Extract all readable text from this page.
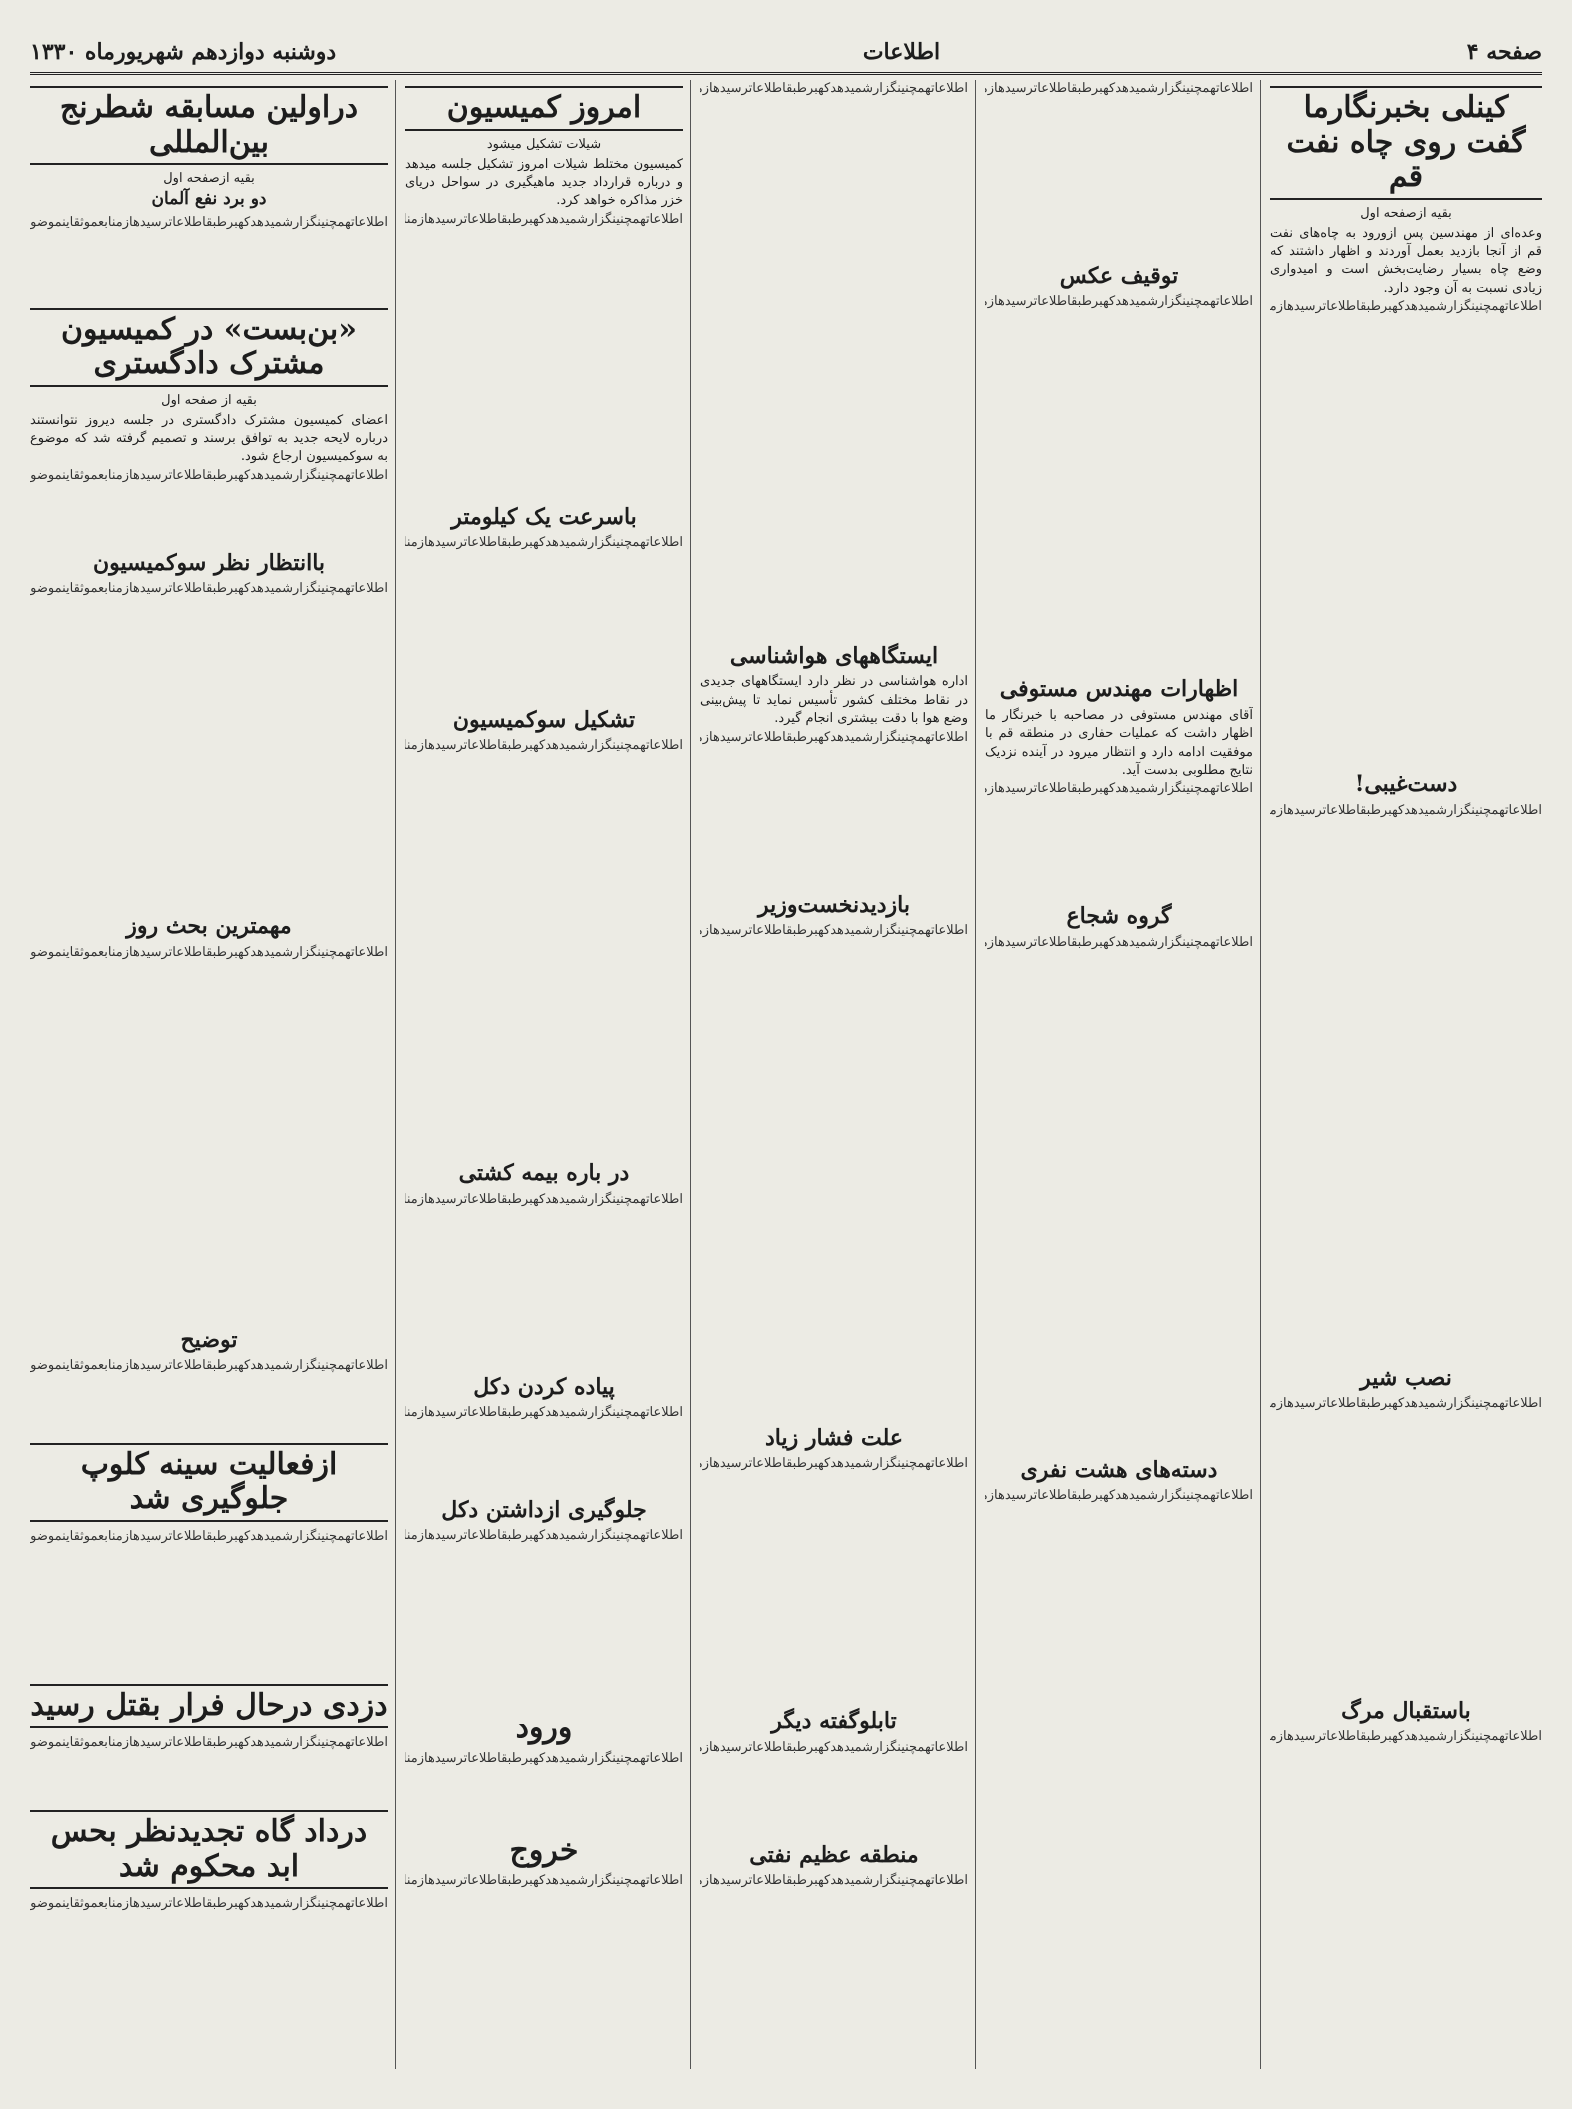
صفحه ۴
اطلاعات
دوشنبه دوازدهم شهریورماه ۱۳۳۰
کینلی بخبرنگارما گفت روی چاه نفت قم
بقیه ازصفحه اول
وعده‌ای از مهندسین پس ازورود به چاه‌های نفت قم از آنجا بازدید بعمل آوردند و اظهار داشتند که وضع چاه بسیار رضایت‌بخش است و امیدواری زیادی نسبت به آن وجود دارد.
اطلاعاتهمچنینگزارشمیدهدکهبرطبقاطلاعاترسیدهازمنابعموثقاینموضوعموردبررسیقرارگرفتونتایجآنبعدااعلامخواهدشداطلاعاتهمچنینگزارشمیدهدکهبرطبقاطلاعاترسیدهازمنابعموثقاینموضوعموردبررسیقرارگرفتونتایجآنبعدااعلامخواهدشداطلاعاتهمچنینگزارشمیدهدکهبرطبقاطلاعاترسیدهازمنابعموثقاینموضوعموردبررسیقرارگرفتونتایجآنبعدااعلامخواهدشداطلاعاتهمچنینگزارشمیدهدکهبرطبقاطلاعاترسیدهازمنابعموثقاینموضوعموردبررسیقرارگرفتونتایجآنبعدااعلامخواهدشد
دست‌غیبی!
اطلاعاتهمچنینگزارشمیدهدکهبرطبقاطلاعاترسیدهازمنابعموثقاینموضوعموردبررسیقرارگرفتونتایجآنبعدااعلامخواهدشداطلاعاتهمچنینگزارشمیدهدکهبرطبقاطلاعاترسیدهازمنابعموثقاینموضوعموردبررسیقرارگرفتونتایجآنبعدااعلامخواهدشداطلاعاتهمچنینگزارشمیدهدکهبرطبقاطلاعاترسیدهازمنابعموثقاینموضوعموردبررسیقرارگرفتونتایجآنبعدااعلامخواهدشداطلاعاتهمچنینگزارشمیدهدکهبرطبقاطلاعاترسیدهازمنابعموثقاینموضوعموردبررسیقرارگرفتونتایجآنبعدااعلامخواهدشد
نصب شیر
اطلاعاتهمچنینگزارشمیدهدکهبرطبقاطلاعاترسیدهازمنابعموثقاینموضوعموردبررسیقرارگرفتونتایجآنبعدااعلامخواهدشداطلاعاتهمچنینگزارشمیدهدکهبرطبقاطلاعاترسیدهازمنابعموثقاینموضوعموردبررسیقرارگرفتونتایجآنبعدااعلامخواهدشداطلاعاتهمچنینگزارشمیدهدکهبرطبقاطلاعاترسیدهازمنابعموثقاینموضوعموردبررسیقرارگرفتونتایجآنبعدااعلامخواهدشداطلاعاتهمچنینگزارشمیدهدکهبرطبقاطلاعاترسیدهازمنابعموثقاینموضوعموردبررسیقرارگرفتونتایجآنبعدااعلامخواهدشد
باستقبال مرگ
اطلاعاتهمچنینگزارشمیدهدکهبرطبقاطلاعاترسیدهازمنابعموثقاینموضوعموردبررسیقرارگرفتونتایجآنبعدااعلامخواهدشداطلاعاتهمچنینگزارشمیدهدکهبرطبقاطلاعاترسیدهازمنابعموثقاینموضوعموردبررسیقرارگرفتونتایجآنبعدااعلامخواهدشداطلاعاتهمچنینگزارشمیدهدکهبرطبقاطلاعاترسیدهازمنابعموثقاینموضوعموردبررسیقرارگرفتونتایجآنبعدااعلامخواهدشداطلاعاتهمچنینگزارشمیدهدکهبرطبقاطلاعاترسیدهازمنابعموثقاینموضوعموردبررسیقرارگرفتونتایجآنبعدااعلامخواهدشد
اطلاعاتهمچنینگزارشمیدهدکهبرطبقاطلاعاترسیدهازمنابعموثقاینموضوعموردبررسیقرارگرفتونتایجآنبعدااعلامخواهدشداطلاعاتهمچنینگزارشمیدهدکهبرطبقاطلاعاترسیدهازمنابعموثقاینموضوعموردبررسیقرارگرفتونتایجآنبعدااعلامخواهدشداطلاعاتهمچنینگزارشمیدهدکهبرطبقاطلاعاترسیدهازمنابعموثقاینموضوعموردبررسیقرارگرفتونتایجآنبعدااعلامخواهدشداطلاعاتهمچنینگزارشمیدهدکهبرطبقاطلاعاترسیدهازمنابعموثقاینموضوعموردبررسیقرارگرفتونتایجآنبعدااعلامخواهدشد
توقیف عکس
اطلاعاتهمچنینگزارشمیدهدکهبرطبقاطلاعاترسیدهازمنابعموثقاینموضوعموردبررسیقرارگرفتونتایجآنبعدااعلامخواهدشداطلاعاتهمچنینگزارشمیدهدکهبرطبقاطلاعاترسیدهازمنابعموثقاینموضوعموردبررسیقرارگرفتونتایجآنبعدااعلامخواهدشداطلاعاتهمچنینگزارشمیدهدکهبرطبقاطلاعاترسیدهازمنابعموثقاینموضوعموردبررسیقرارگرفتونتایجآنبعدااعلامخواهدشداطلاعاتهمچنینگزارشمیدهدکهبرطبقاطلاعاترسیدهازمنابعموثقاینموضوعموردبررسیقرارگرفتونتایجآنبعدااعلامخواهدشد
اظهارات مهندس مستوفی
آقای مهندس مستوفی در مصاحبه با خبرنگار ما اظهار داشت که عملیات حفاری در منطقه قم با موفقیت ادامه دارد و انتظار میرود در آینده نزدیک نتایج مطلوبی بدست آید.
اطلاعاتهمچنینگزارشمیدهدکهبرطبقاطلاعاترسیدهازمنابعموثقاینموضوعموردبررسیقرارگرفتونتایجآنبعدااعلامخواهدشداطلاعاتهمچنینگزارشمیدهدکهبرطبقاطلاعاترسیدهازمنابعموثقاینموضوعموردبررسیقرارگرفتونتایجآنبعدااعلامخواهدشداطلاعاتهمچنینگزارشمیدهدکهبرطبقاطلاعاترسیدهازمنابعموثقاینموضوعموردبررسیقرارگرفتونتایجآنبعدااعلامخواهدشداطلاعاتهمچنینگزارشمیدهدکهبرطبقاطلاعاترسیدهازمنابعموثقاینموضوعموردبررسیقرارگرفتونتایجآنبعدااعلامخواهدشد
گروه شجاع
اطلاعاتهمچنینگزارشمیدهدکهبرطبقاطلاعاترسیدهازمنابعموثقاینموضوعموردبررسیقرارگرفتونتایجآنبعدااعلامخواهدشداطلاعاتهمچنینگزارشمیدهدکهبرطبقاطلاعاترسیدهازمنابعموثقاینموضوعموردبررسیقرارگرفتونتایجآنبعدااعلامخواهدشداطلاعاتهمچنینگزارشمیدهدکهبرطبقاطلاعاترسیدهازمنابعموثقاینموضوعموردبررسیقرارگرفتونتایجآنبعدااعلامخواهدشداطلاعاتهمچنینگزارشمیدهدکهبرطبقاطلاعاترسیدهازمنابعموثقاینموضوعموردبررسیقرارگرفتونتایجآنبعدااعلامخواهدشد
دسته‌های هشت نفری
اطلاعاتهمچنینگزارشمیدهدکهبرطبقاطلاعاترسیدهازمنابعموثقاینموضوعموردبررسیقرارگرفتونتایجآنبعدااعلامخواهدشداطلاعاتهمچنینگزارشمیدهدکهبرطبقاطلاعاترسیدهازمنابعموثقاینموضوعموردبررسیقرارگرفتونتایجآنبعدااعلامخواهدشداطلاعاتهمچنینگزارشمیدهدکهبرطبقاطلاعاترسیدهازمنابعموثقاینموضوعموردبررسیقرارگرفتونتایجآنبعدااعلامخواهدشداطلاعاتهمچنینگزارشمیدهدکهبرطبقاطلاعاترسیدهازمنابعموثقاینموضوعموردبررسیقرارگرفتونتایجآنبعدااعلامخواهدشد
اطلاعاتهمچنینگزارشمیدهدکهبرطبقاطلاعاترسیدهازمنابعموثقاینموضوعموردبررسیقرارگرفتونتایجآنبعدااعلامخواهدشداطلاعاتهمچنینگزارشمیدهدکهبرطبقاطلاعاترسیدهازمنابعموثقاینموضوعموردبررسیقرارگرفتونتایجآنبعدااعلامخواهدشداطلاعاتهمچنینگزارشمیدهدکهبرطبقاطلاعاترسیدهازمنابعموثقاینموضوعموردبررسیقرارگرفتونتایجآنبعدااعلامخواهدشداطلاعاتهمچنینگزارشمیدهدکهبرطبقاطلاعاترسیدهازمنابعموثقاینموضوعموردبررسیقرارگرفتونتایجآنبعدااعلامخواهدشد
ایستگاههای هواشناسی
اداره هواشناسی در نظر دارد ایستگاههای جدیدی در نقاط مختلف کشور تأسیس نماید تا پیش‌بینی وضع هوا با دقت بیشتری انجام گیرد.
اطلاعاتهمچنینگزارشمیدهدکهبرطبقاطلاعاترسیدهازمنابعموثقاینموضوعموردبررسیقرارگرفتونتایجآنبعدااعلامخواهدشداطلاعاتهمچنینگزارشمیدهدکهبرطبقاطلاعاترسیدهازمنابعموثقاینموضوعموردبررسیقرارگرفتونتایجآنبعدااعلامخواهدشداطلاعاتهمچنینگزارشمیدهدکهبرطبقاطلاعاترسیدهازمنابعموثقاینموضوعموردبررسیقرارگرفتونتایجآنبعدااعلامخواهدشداطلاعاتهمچنینگزارشمیدهدکهبرطبقاطلاعاترسیدهازمنابعموثقاینموضوعموردبررسیقرارگرفتونتایجآنبعدااعلامخواهدشد
بازدیدنخست‌وزیر
اطلاعاتهمچنینگزارشمیدهدکهبرطبقاطلاعاترسیدهازمنابعموثقاینموضوعموردبررسیقرارگرفتونتایجآنبعدااعلامخواهدشداطلاعاتهمچنینگزارشمیدهدکهبرطبقاطلاعاترسیدهازمنابعموثقاینموضوعموردبررسیقرارگرفتونتایجآنبعدااعلامخواهدشداطلاعاتهمچنینگزارشمیدهدکهبرطبقاطلاعاترسیدهازمنابعموثقاینموضوعموردبررسیقرارگرفتونتایجآنبعدااعلامخواهدشداطلاعاتهمچنینگزارشمیدهدکهبرطبقاطلاعاترسیدهازمنابعموثقاینموضوعموردبررسیقرارگرفتونتایجآنبعدااعلامخواهدشد
علت فشار زیاد
اطلاعاتهمچنینگزارشمیدهدکهبرطبقاطلاعاترسیدهازمنابعموثقاینموضوعموردبررسیقرارگرفتونتایجآنبعدااعلامخواهدشداطلاعاتهمچنینگزارشمیدهدکهبرطبقاطلاعاترسیدهازمنابعموثقاینموضوعموردبررسیقرارگرفتونتایجآنبعدااعلامخواهدشداطلاعاتهمچنینگزارشمیدهدکهبرطبقاطلاعاترسیدهازمنابعموثقاینموضوعموردبررسیقرارگرفتونتایجآنبعدااعلامخواهدشداطلاعاتهمچنینگزارشمیدهدکهبرطبقاطلاعاترسیدهازمنابعموثقاینموضوعموردبررسیقرارگرفتونتایجآنبعدااعلامخواهدشد
تابلوگفته دیگر
اطلاعاتهمچنینگزارشمیدهدکهبرطبقاطلاعاترسیدهازمنابعموثقاینموضوعموردبررسیقرارگرفتونتایجآنبعدااعلامخواهدشداطلاعاتهمچنینگزارشمیدهدکهبرطبقاطلاعاترسیدهازمنابعموثقاینموضوعموردبررسیقرارگرفتونتایجآنبعدااعلامخواهدشداطلاعاتهمچنینگزارشمیدهدکهبرطبقاطلاعاترسیدهازمنابعموثقاینموضوعموردبررسیقرارگرفتونتایجآنبعدااعلامخواهدشداطلاعاتهمچنینگزارشمیدهدکهبرطبقاطلاعاترسیدهازمنابعموثقاینموضوعموردبررسیقرارگرفتونتایجآنبعدااعلامخواهدشد
منطقه عظیم نفتی
اطلاعاتهمچنینگزارشمیدهدکهبرطبقاطلاعاترسیدهازمنابعموثقاینموضوعموردبررسیقرارگرفتونتایجآنبعدااعلامخواهدشداطلاعاتهمچنینگزارشمیدهدکهبرطبقاطلاعاترسیدهازمنابعموثقاینموضوعموردبررسیقرارگرفتونتایجآنبعدااعلامخواهدشداطلاعاتهمچنینگزارشمیدهدکهبرطبقاطلاعاترسیدهازمنابعموثقاینموضوعموردبررسیقرارگرفتونتایجآنبعدااعلامخواهدشداطلاعاتهمچنینگزارشمیدهدکهبرطبقاطلاعاترسیدهازمنابعموثقاینموضوعموردبررسیقرارگرفتونتایجآنبعدااعلامخواهدشد
امروز کمیسیون
شیلات تشکیل میشود
کمیسیون مختلط شیلات امروز تشکیل جلسه میدهد و درباره قرارداد جدید ماهیگیری در سواحل دریای خزر مذاکره خواهد کرد.
اطلاعاتهمچنینگزارشمیدهدکهبرطبقاطلاعاترسیدهازمنابعموثقاینموضوعموردبررسیقرارگرفتونتایجآنبعدااعلامخواهدشداطلاعاتهمچنینگزارشمیدهدکهبرطبقاطلاعاترسیدهازمنابعموثقاینموضوعموردبررسیقرارگرفتونتایجآنبعدااعلامخواهدشداطلاعاتهمچنینگزارشمیدهدکهبرطبقاطلاعاترسیدهازمنابعموثقاینموضوعموردبررسیقرارگرفتونتایجآنبعدااعلامخواهدشداطلاعاتهمچنینگزارشمیدهدکهبرطبقاطلاعاترسیدهازمنابعموثقاینموضوعموردبررسیقرارگرفتونتایجآنبعدااعلامخواهدشد
باسرعت یک کیلومتر
اطلاعاتهمچنینگزارشمیدهدکهبرطبقاطلاعاترسیدهازمنابعموثقاینموضوعموردبررسیقرارگرفتونتایجآنبعدااعلامخواهدشداطلاعاتهمچنینگزارشمیدهدکهبرطبقاطلاعاترسیدهازمنابعموثقاینموضوعموردبررسیقرارگرفتونتایجآنبعدااعلامخواهدشداطلاعاتهمچنینگزارشمیدهدکهبرطبقاطلاعاترسیدهازمنابعموثقاینموضوعموردبررسیقرارگرفتونتایجآنبعدااعلامخواهدشداطلاعاتهمچنینگزارشمیدهدکهبرطبقاطلاعاترسیدهازمنابعموثقاینموضوعموردبررسیقرارگرفتونتایجآنبعدااعلامخواهدشد
تشکیل سوکمیسیون
اطلاعاتهمچنینگزارشمیدهدکهبرطبقاطلاعاترسیدهازمنابعموثقاینموضوعموردبررسیقرارگرفتونتایجآنبعدااعلامخواهدشداطلاعاتهمچنینگزارشمیدهدکهبرطبقاطلاعاترسیدهازمنابعموثقاینموضوعموردبررسیقرارگرفتونتایجآنبعدااعلامخواهدشداطلاعاتهمچنینگزارشمیدهدکهبرطبقاطلاعاترسیدهازمنابعموثقاینموضوعموردبررسیقرارگرفتونتایجآنبعدااعلامخواهدشداطلاعاتهمچنینگزارشمیدهدکهبرطبقاطلاعاترسیدهازمنابعموثقاینموضوعموردبررسیقرارگرفتونتایجآنبعدااعلامخواهدشد
در باره بیمه کشتی
اطلاعاتهمچنینگزارشمیدهدکهبرطبقاطلاعاترسیدهازمنابعموثقاینموضوعموردبررسیقرارگرفتونتایجآنبعدااعلامخواهدشداطلاعاتهمچنینگزارشمیدهدکهبرطبقاطلاعاترسیدهازمنابعموثقاینموضوعموردبررسیقرارگرفتونتایجآنبعدااعلامخواهدشداطلاعاتهمچنینگزارشمیدهدکهبرطبقاطلاعاترسیدهازمنابعموثقاینموضوعموردبررسیقرارگرفتونتایجآنبعدااعلامخواهدشداطلاعاتهمچنینگزارشمیدهدکهبرطبقاطلاعاترسیدهازمنابعموثقاینموضوعموردبررسیقرارگرفتونتایجآنبعدااعلامخواهدشد
پیاده کردن دکل
اطلاعاتهمچنینگزارشمیدهدکهبرطبقاطلاعاترسیدهازمنابعموثقاینموضوعموردبررسیقرارگرفتونتایجآنبعدااعلامخواهدشداطلاعاتهمچنینگزارشمیدهدکهبرطبقاطلاعاترسیدهازمنابعموثقاینموضوعموردبررسیقرارگرفتونتایجآنبعدااعلامخواهدشداطلاعاتهمچنینگزارشمیدهدکهبرطبقاطلاعاترسیدهازمنابعموثقاینموضوعموردبررسیقرارگرفتونتایجآنبعدااعلامخواهدشداطلاعاتهمچنینگزارشمیدهدکهبرطبقاطلاعاترسیدهازمنابعموثقاینموضوعموردبررسیقرارگرفتونتایجآنبعدااعلامخواهدشد
جلوگیری ازداشتن دکل
اطلاعاتهمچنینگزارشمیدهدکهبرطبقاطلاعاترسیدهازمنابعموثقاینموضوعموردبررسیقرارگرفتونتایجآنبعدااعلامخواهدشداطلاعاتهمچنینگزارشمیدهدکهبرطبقاطلاعاترسیدهازمنابعموثقاینموضوعموردبررسیقرارگرفتونتایجآنبعدااعلامخواهدشداطلاعاتهمچنینگزارشمیدهدکهبرطبقاطلاعاترسیدهازمنابعموثقاینموضوعموردبررسیقرارگرفتونتایجآنبعدااعلامخواهدشداطلاعاتهمچنینگزارشمیدهدکهبرطبقاطلاعاترسیدهازمنابعموثقاینموضوعموردبررسیقرارگرفتونتایجآنبعدااعلامخواهدشد
ورود
اطلاعاتهمچنینگزارشمیدهدکهبرطبقاطلاعاترسیدهازمنابعموثقاینموضوعموردبررسیقرارگرفتونتایجآنبعدااعلامخواهدشداطلاعاتهمچنینگزارشمیدهدکهبرطبقاطلاعاترسیدهازمنابعموثقاینموضوعموردبررسیقرارگرفتونتایجآنبعدااعلامخواهدشداطلاعاتهمچنینگزارشمیدهدکهبرطبقاطلاعاترسیدهازمنابعموثقاینموضوعموردبررسیقرارگرفتونتایجآنبعدااعلامخواهدشداطلاعاتهمچنینگزارشمیدهدکهبرطبقاطلاعاترسیدهازمنابعموثقاینموضوعموردبررسیقرارگرفتونتایجآنبعدااعلامخواهدشد
خروج
اطلاعاتهمچنینگزارشمیدهدکهبرطبقاطلاعاترسیدهازمنابعموثقاینموضوعموردبررسیقرارگرفتونتایجآنبعدااعلامخواهدشداطلاعاتهمچنینگزارشمیدهدکهبرطبقاطلاعاترسیدهازمنابعموثقاینموضوعموردبررسیقرارگرفتونتایجآنبعدااعلامخواهدشداطلاعاتهمچنینگزارشمیدهدکهبرطبقاطلاعاترسیدهازمنابعموثقاینموضوعموردبررسیقرارگرفتونتایجآنبعدااعلامخواهدشداطلاعاتهمچنینگزارشمیدهدکهبرطبقاطلاعاترسیدهازمنابعموثقاینموضوعموردبررسیقرارگرفتونتایجآنبعدااعلامخواهدشد
دراولین مسابقه شطرنج بین‌المللی
بقیه ازصفحه اول
دو برد نفع آلمان
اطلاعاتهمچنینگزارشمیدهدکهبرطبقاطلاعاترسیدهازمنابعموثقاینموضوعموردبررسیقرارگرفتونتایجآنبعدااعلامخواهدشداطلاعاتهمچنینگزارشمیدهدکهبرطبقاطلاعاترسیدهازمنابعموثقاینموضوعموردبررسیقرارگرفتونتایجآنبعدااعلامخواهدشداطلاعاتهمچنینگزارشمیدهدکهبرطبقاطلاعاترسیدهازمنابعموثقاینموضوعموردبررسیقرارگرفتونتایجآنبعدااعلامخواهدشداطلاعاتهمچنینگزارشمیدهدکهبرطبقاطلاعاترسیدهازمنابعموثقاینموضوعموردبررسیقرارگرفتونتایجآنبعدااعلامخواهدشد
«بن‌بست» در کمیسیون مشترک دادگستری
بقیه از صفحه اول
اعضای کمیسیون مشترک دادگستری در جلسه دیروز نتوانستند درباره لایحه جدید به توافق برسند و تصمیم گرفته شد که موضوع به سوکمیسیون ارجاع شود.
اطلاعاتهمچنینگزارشمیدهدکهبرطبقاطلاعاترسیدهازمنابعموثقاینموضوعموردبررسیقرارگرفتونتایجآنبعدااعلامخواهدشداطلاعاتهمچنینگزارشمیدهدکهبرطبقاطلاعاترسیدهازمنابعموثقاینموضوعموردبررسیقرارگرفتونتایجآنبعدااعلامخواهدشداطلاعاتهمچنینگزارشمیدهدکهبرطبقاطلاعاترسیدهازمنابعموثقاینموضوعموردبررسیقرارگرفتونتایجآنبعدااعلامخواهدشداطلاعاتهمچنینگزارشمیدهدکهبرطبقاطلاعاترسیدهازمنابعموثقاینموضوعموردبررسیقرارگرفتونتایجآنبعدااعلامخواهدشد
باانتظار نظر سوکمیسیون
اطلاعاتهمچنینگزارشمیدهدکهبرطبقاطلاعاترسیدهازمنابعموثقاینموضوعموردبررسیقرارگرفتونتایجآنبعدااعلامخواهدشداطلاعاتهمچنینگزارشمیدهدکهبرطبقاطلاعاترسیدهازمنابعموثقاینموضوعموردبررسیقرارگرفتونتایجآنبعدااعلامخواهدشداطلاعاتهمچنینگزارشمیدهدکهبرطبقاطلاعاترسیدهازمنابعموثقاینموضوعموردبررسیقرارگرفتونتایجآنبعدااعلامخواهدشداطلاعاتهمچنینگزارشمیدهدکهبرطبقاطلاعاترسیدهازمنابعموثقاینموضوعموردبررسیقرارگرفتونتایجآنبعدااعلامخواهدشد
مهمترین بحث روز
اطلاعاتهمچنینگزارشمیدهدکهبرطبقاطلاعاترسیدهازمنابعموثقاینموضوعموردبررسیقرارگرفتونتایجآنبعدااعلامخواهدشداطلاعاتهمچنینگزارشمیدهدکهبرطبقاطلاعاترسیدهازمنابعموثقاینموضوعموردبررسیقرارگرفتونتایجآنبعدااعلامخواهدشداطلاعاتهمچنینگزارشمیدهدکهبرطبقاطلاعاترسیدهازمنابعموثقاینموضوعموردبررسیقرارگرفتونتایجآنبعدااعلامخواهدشداطلاعاتهمچنینگزارشمیدهدکهبرطبقاطلاعاترسیدهازمنابعموثقاینموضوعموردبررسیقرارگرفتونتایجآنبعدااعلامخواهدشد
توضیح
اطلاعاتهمچنینگزارشمیدهدکهبرطبقاطلاعاترسیدهازمنابعموثقاینموضوعموردبررسیقرارگرفتونتایجآنبعدااعلامخواهدشداطلاعاتهمچنینگزارشمیدهدکهبرطبقاطلاعاترسیدهازمنابعموثقاینموضوعموردبررسیقرارگرفتونتایجآنبعدااعلامخواهدشداطلاعاتهمچنینگزارشمیدهدکهبرطبقاطلاعاترسیدهازمنابعموثقاینموضوعموردبررسیقرارگرفتونتایجآنبعدااعلامخواهدشداطلاعاتهمچنینگزارشمیدهدکهبرطبقاطلاعاترسیدهازمنابعموثقاینموضوعموردبررسیقرارگرفتونتایجآنبعدااعلامخواهدشد
ازفعالیت سینه کلوپ جلوگیری شد
اطلاعاتهمچنینگزارشمیدهدکهبرطبقاطلاعاترسیدهازمنابعموثقاینموضوعموردبررسیقرارگرفتونتایجآنبعدااعلامخواهدشداطلاعاتهمچنینگزارشمیدهدکهبرطبقاطلاعاترسیدهازمنابعموثقاینموضوعموردبررسیقرارگرفتونتایجآنبعدااعلامخواهدشداطلاعاتهمچنینگزارشمیدهدکهبرطبقاطلاعاترسیدهازمنابعموثقاینموضوعموردبررسیقرارگرفتونتایجآنبعدااعلامخواهدشداطلاعاتهمچنینگزارشمیدهدکهبرطبقاطلاعاترسیدهازمنابعموثقاینموضوعموردبررسیقرارگرفتونتایجآنبعدااعلامخواهدشد
دزدی درحال فرار بقتل رسید
اطلاعاتهمچنینگزارشمیدهدکهبرطبقاطلاعاترسیدهازمنابعموثقاینموضوعموردبررسیقرارگرفتونتایجآنبعدااعلامخواهدشداطلاعاتهمچنینگزارشمیدهدکهبرطبقاطلاعاترسیدهازمنابعموثقاینموضوعموردبررسیقرارگرفتونتایجآنبعدااعلامخواهدشداطلاعاتهمچنینگزارشمیدهدکهبرطبقاطلاعاترسیدهازمنابعموثقاینموضوعموردبررسیقرارگرفتونتایجآنبعدااعلامخواهدشداطلاعاتهمچنینگزارشمیدهدکهبرطبقاطلاعاترسیدهازمنابعموثقاینموضوعموردبررسیقرارگرفتونتایجآنبعدااعلامخواهدشد
درداد گاه تجدیدنظر بحس ابد محکوم شد
اطلاعاتهمچنینگزارشمیدهدکهبرطبقاطلاعاترسیدهازمنابعموثقاینموضوعموردبررسیقرارگرفتونتایجآنبعدااعلامخواهدشداطلاعاتهمچنینگزارشمیدهدکهبرطبقاطلاعاترسیدهازمنابعموثقاینموضوعموردبررسیقرارگرفتونتایجآنبعدااعلامخواهدشداطلاعاتهمچنینگزارشمیدهدکهبرطبقاطلاعاترسیدهازمنابعموثقاینموضوعموردبررسیقرارگرفتونتایجآنبعدااعلامخواهدشداطلاعاتهمچنینگزارشمیدهدکهبرطبقاطلاعاترسیدهازمنابعموثقاینموضوعموردبررسیقرارگرفتونتایجآنبعدااعلامخواهدشد
